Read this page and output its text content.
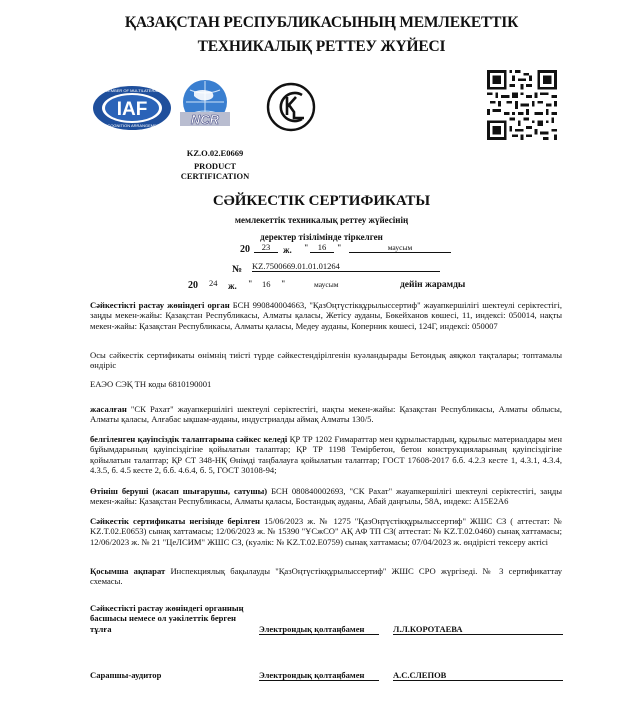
ҚАЗАҚСТАН РЕСПУБЛИКАСЫНЫҢ МЕМЛЕКЕТТІК
ТЕХНИКАЛЫҚ РЕТТЕУ ЖҮЙЕСІ
IAF
MEMBER OF MULTILATERAL
RECOGNITION ARRANGEMENT NCR
KZ.O.02.E0669
PRODUCT
CERTIFICATION
СӘЙКЕСТІК СЕРТИФИКАТЫ
мемлекеттік техникалық реттеу жүйесінің
деректер тізілімінде тіркелген
20	23	ж. "	16	"	маусым
№ KZ.7500669.01.01.01264
20 24 ж. " 16 "	маусым	дейін жарамды
Сәйкестікті растау жөніндегі орган БСН 990840004663, "ҚазОңтүстікқұрылыссертиф" жауапкершілігі шектеулі серіктестігі, заңды мекен-жайы: Қазақстан Республикасы, Алматы қаласы, Жетісу ауданы, Бөкейханов көшесі, 11, индексі: 050014, нақты мекен-жайы: Қазақстан Республикасы, Алматы қаласы, Медеу ауданы, Коперник көшесі, 124Г, индексі: 050007
Осы сәйкестік сертификаты өнімнің тиісті түрде сәйкестендірілгенін куәландырады Бетондық аяқжол тақталары; топтамалы өндіріс
ЕАЭО СЭҚ ТН коды 6810190001
жасалған "СК Рахат" жауапкершілігі шектеулі серіктестігі, нақты мекен-жайы: Қазақстан Республикасы, Алматы облысы, Алматы қаласы, Алғабас ықшам-ауданы, индустриалды аймақ Алматы 130/5.
белгіленген қауіпсіздік талаптарына сәйкес келеді ҚР ТР 1202 Ғимараттар мен құрылыстардың, құрылыс материалдары мен бұйымдарының қауіпсіздігіне қойылатын талаптар; ҚР ТР 1198 Темірбетон, бетон конструкцияларының қауіпсіздігіне қойылатын талаптар; ҚР СТ 348-НҚ Өнімді таңбалауға қойылатын талаптар; ГОСТ 17608-2017 б.б. 4.2.3 кесте 1, 4.3.1, 4.3.4, 4.3.5, б. 4.5 кесте 2, б.б. 4.6.4, б. 5, ГОСТ 30108-94;
Өтініш беруші (жасап шығарушы, сатушы) БСН 080840002693, "СК Рахат" жауапкершілігі шектеулі серіктестігі, заңды мекен-жайы: Қазақстан Республикасы, Алматы қаласы, Бостандық ауданы, Абай даңғылы, 58А, индекс: A15E2A6
Сәйкестік сертификаты негізінде берілген 15/06/2023 ж. № 1275 "ҚазОңтүстікқұрылыссертиф" ЖШС СЗ ( аттестат: № KZ.T.02.E0653) сынақ хаттамасы; 12/06/2023 ж. № 15390 "ҰСжСО" АҚ АФ ТП СЗ( аттестат: № KZ.T.02.0460) сынақ хаттамасы; 12/06/2023 ж. № 21 "ЦеЛСИМ" ЖШС СЗ, (куәлік: № KZ.T.02.E0759) сынақ хаттамасы; 07/04/2023 ж. өндірісті тексеру актісі
Қосымша ақпарат Инспекциялық бақылауды "ҚазОңтүстікқұрылыссертиф" ЖШС СРО жүргізеді. № 3 сертификаттау схемасы.
Сәйкестікті растау жөніндегі органның
басшысы немесе ол уәкілеттік берген
тұлға	Электрондық қолтаңбамен	Л.Л.КОРОТАЕВА
Сарапшы-аудитор	Электрондық қолтаңбамен	А.С.СЛЕПОВ
